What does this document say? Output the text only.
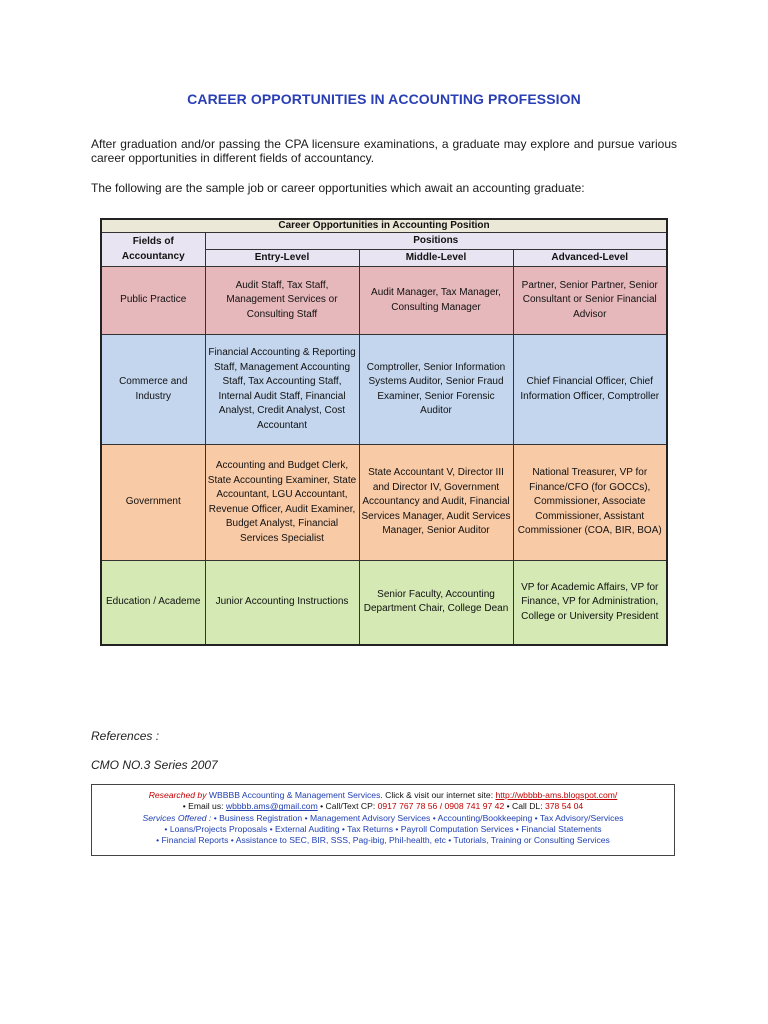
CAREER OPPORTUNITIES IN ACCOUNTING PROFESSION
After graduation and/or passing the CPA licensure examinations, a graduate may explore and pursue various career opportunities in different fields of accountancy.
The following are the sample job or career opportunities which await an accounting graduate:
Career Opportunities in Accounting Position			
Fields of Accountancy	Positions		
	Entry-Level	Middle-Level	Advanced-Level
Public Practice	Audit Staff, Tax Staff, Management Services or Consulting Staff	Audit Manager, Tax Manager, Consulting Manager	Partner, Senior Partner, Senior Consultant or Senior Financial Advisor
Commerce and Industry	Financial Accounting & Reporting Staff, Management Accounting Staff, Tax Accounting Staff, Internal Audit Staff, Financial Analyst, Credit Analyst, Cost Accountant	Comptroller, Senior Information Systems Auditor, Senior Fraud Examiner, Senior Forensic Auditor	Chief Financial Officer, Chief Information Officer, Comptroller
Government	Accounting and Budget Clerk, State Accounting Examiner, State Accountant, LGU Accountant, Revenue Officer, Audit Examiner, Budget Analyst, Financial Services Specialist	State Accountant V, Director III and Director IV, Government Accountancy and Audit, Financial Services Manager, Audit Services Manager, Senior Auditor	National Treasurer, VP for Finance/CFO (for GOCCs), Commissioner, Associate Commissioner, Assistant Commissioner (COA, BIR, BOA)
Education / Academe	Junior Accounting Instructions	Senior Faculty, Accounting Department Chair, College Dean	VP for Academic Affairs, VP for Finance, VP for Administration, College or University President
References :
CMO NO.3 Series 2007
Researched by WBBBB Accounting & Management Services. Click & visit our internet site: http://wbbbb-ams.blogspot.com/
• Email us: wbbbb.ams@gmail.com • Call/Text CP: 0917 767 78 56 / 0908 741 97 42 • Call DL: 378 54 04
Services Offered : • Business Registration • Management Advisory Services • Accounting/Bookkeeping • Tax Advisory/Services
• Loans/Projects Proposals • External Auditing • Tax Returns • Payroll Computation Services • Financial Statements
• Financial Reports • Assistance to SEC, BIR, SSS, Pag-ibig, Phil-health, etc • Tutorials, Training or Consulting Services
